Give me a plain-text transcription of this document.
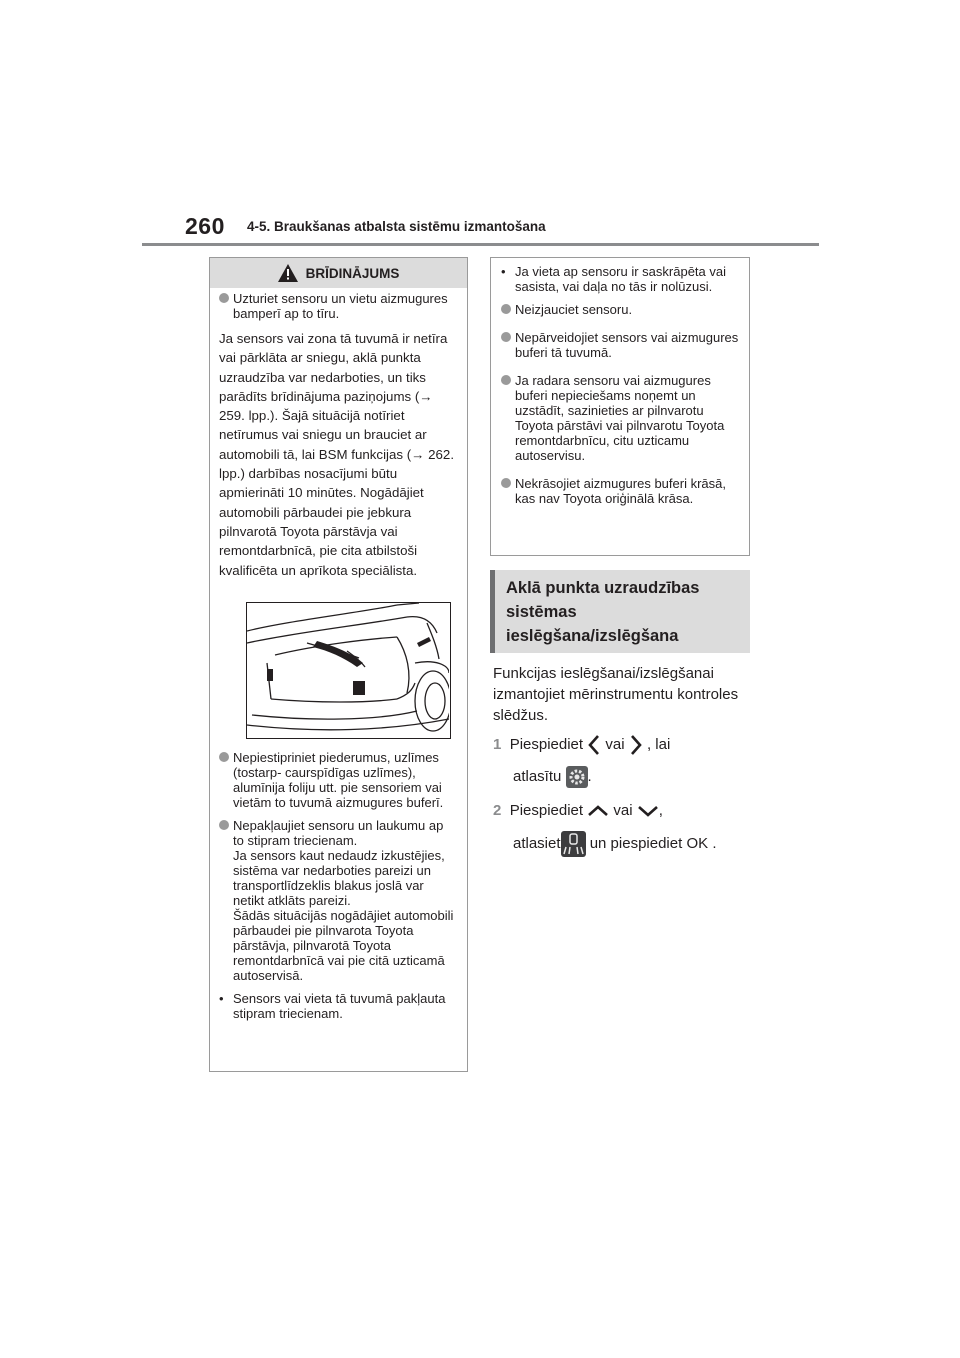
260 4-5. Braukšanas atbalsta sistēmu izmantošana
BRĪDINĀJUMS
Uzturiet sensoru un vietu aizmugures bamperī ap to tīru.
Ja sensors vai zona tā tuvumā ir netīra vai pārklāta ar sniegu, aklā punkta uzraudzība var nedarboties, un tiks parādīts brīdinājuma paziņojums (→ 259. lpp.). Šajā situācijā notīriet netīrumus vai sniegu un brauciet ar automobili tā, lai BSM funkcijas (→ 262. lpp.) darbības nosacījumi būtu apmierināti 10 minūtes. Nogādājiet automobili pārbaudei pie jebkura pilnvarotā Toyota pārstāvja vai remontdarbnīcā, pie cita atbilstoši kvalificēta un aprīkota speciālista.
Nepiestipriniet piederumus, uzlīmes (tostarp- caurspīdīgas uzlīmes), alumīnija foliju utt. pie sensoriem vai vietām to tuvumā aizmugures buferī.
Nepakļaujiet sensoru un laukumu ap to stipram triecienam.
Ja sensors kaut nedaudz izkustējies, sistēma var nedarboties pareizi un transportlīdzeklis blakus joslā var netikt atklāts pareizi.
Šādās situācijās nogādājiet automobili pārbaudei pie pilnvarota Toyota pārstāvja, pilnvarotā Toyota remontdarbnīcā vai pie citā uzticamā autoservisā.
• Sensors vai vieta tā tuvumā pakļauta stipram triecienam.
• Ja vieta ap sensoru ir saskrāpēta vai sasista, vai daļa no tās ir nolūzusi.
Neizjauciet sensoru.
Nepārveidojiet sensors vai aizmugures buferi tā tuvumā.
Ja radara sensoru vai aizmugures buferi nepieciešams noņemt un uzstādīt, sazinieties ar pilnvarotu Toyota pārstāvi vai pilnvarotu Toyota remontdarbnīcu, citu uzticamu autoservisu.
Nekrāsojiet aizmugures buferi krāsā, kas nav Toyota oriģinālā krāsa.
Aklā punkta uzraudzības sistēmas ieslēgšana/izslēgšana
Funkcijas ieslēgšanai/izslēgšanai izmantojiet mērinstrumentu kontroles slēdžus.
1 Piespiediet vai , lai
atlasītu .
2 Piespiediet vai ,
atlasiet un piespiediet OK .
